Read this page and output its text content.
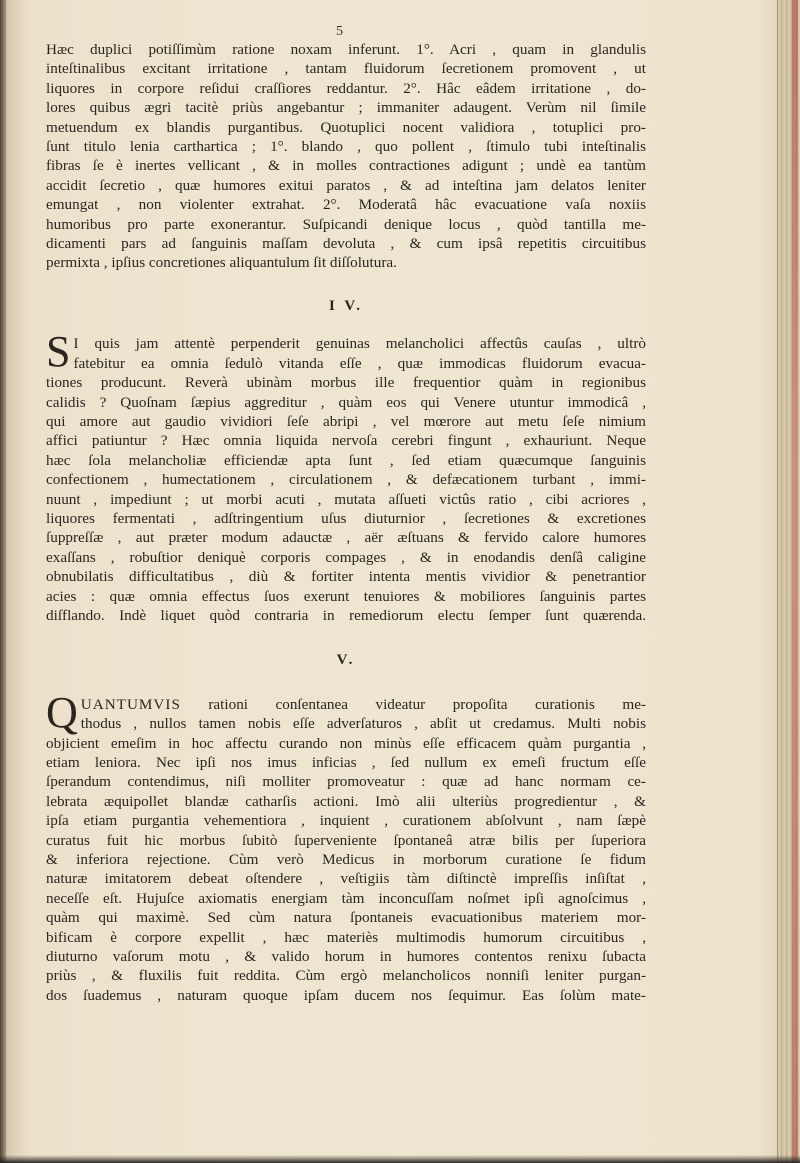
5
Hæc duplici potiſſimùm ratione noxam inferunt. 1°. Acri , quam in glandulis
inteſtinalibus excitant irritatione , tantam fluidorum ſecretionem promovent , ut
liquores in corpore reſidui craſſiores reddantur. 2°. Hâc eâdem irritatione , do-
lores quibus ægri tacitè priùs angebantur ; immaniter adaugent. Verùm nil ſimile
metuendum ex blandis purgantibus. Quotuplici nocent validiora , totuplici pro-
ſunt titulo lenia carthartica ; 1°. blando , quo pollent , ſtimulo tubi inteſtinalis
fibras ſe è inertes vellicant , & in molles contractiones adigunt ; undè ea tantùm
accidit ſecretio , quæ humores exitui paratos , & ad inteſtina jam delatos leniter
emungat , non violenter extrahat. 2°. Moderatâ hâc evacuatione vaſa noxiis
humoribus pro parte exonerantur. Suſpicandi denique locus , quòd tantilla me-
dicamenti pars ad ſanguinis maſſam devoluta , & cum ipsâ repetitis circuitibus
permixta , ipſius concretiones aliquantulum ſit diſſolutura.

I V.

S I quis jam attentè perpenderit genuinas melancholici affectûs cauſas , ultrò
fatebitur ea omnia ſedulò vitanda eſſe , quæ immodicas fluidorum evacua-
tiones producunt. Reverà ubinàm morbus ille frequentior quàm in regionibus
calidis ? Quoſnam ſæpius aggreditur , quàm eos qui Venere utuntur immodicâ ,
qui amore aut gaudio vividiori ſeſe abripi , vel mœrore aut metu ſeſe nimium
affici patiuntur ? Hæc omnia liquida nervoſa cerebri fingunt , exhauriunt. Neque
hæc ſola melancholiæ efficiendæ apta ſunt , ſed etiam quæcumque ſanguinis
confectionem , humectationem , circulationem , & defæcationem turbant , immi-
nuunt , impediunt ; ut morbi acuti , mutata aſſueti victûs ratio , cibi acriores ,
liquores fermentati , adſtringentium uſus diuturnior , ſecretiones & excretiones
ſuppreſſæ , aut præter modum adauctæ , aër æſtuans & fervido calore humores
exaſſans , robuſtior deniquè corporis compages , & in enodandis denſâ caligine
obnubilatis difficultatibus , diù & fortiter intenta mentis vividior & penetrantior
acies : quæ omnia effectus ſuos exerunt tenuiores & mobiliores ſanguinis partes
diſflando. Indè liquet quòd contraria in remediorum electu ſemper ſunt quærenda.

V.

Q UANTUMVIS rationi conſentanea videatur propoſita curationis me-
thodus , nullos tamen nobis eſſe adverſaturos , abſit ut credamus. Multi nobis
objicient emeſim in hoc affectu curando non minùs eſſe efficacem quàm purgantia ,
etiam leniora. Nec ipſi nos imus inficias , ſed nullum ex emeſi fructum eſſe
ſperandum contendimus, niſi molliter promoveatur : quæ ad hanc normam ce-
lebrata æquipollet blandæ catharſis actioni. Imò alii ulteriùs progredientur , &
ipſa etiam purgantia vehementiora , inquient , curationem abſolvunt , nam ſæpè
curatus fuit hic morbus ſubitò ſuperveniente ſpontaneâ atræ bilis per ſuperiora
& inferiora rejectione. Cùm verò Medicus in morborum curatione ſe fidum
naturæ imitatorem debeat oſtendere , veſtigiis tàm diſtinctè impreſſis inſiſtat ,
neceſſe eſt. Hujuſce axiomatis energiam tàm inconcuſſam noſmet ipſi agnoſcimus ,
quàm qui maximè. Sed cùm natura ſpontaneis evacuationibus materiem mor-
bificam è corpore expellit , hæc materiès multimodis humorum circuitibus ,
diuturno vaſorum motu , & valido horum in humores contentos renixu ſubacta
priùs , & fluxilis fuit reddita. Cùm ergò melancholicos nonniſi leniter purgan-
dos ſuademus , naturam quoque ipſam ducem nos ſequimur. Eas ſolùm mate-
